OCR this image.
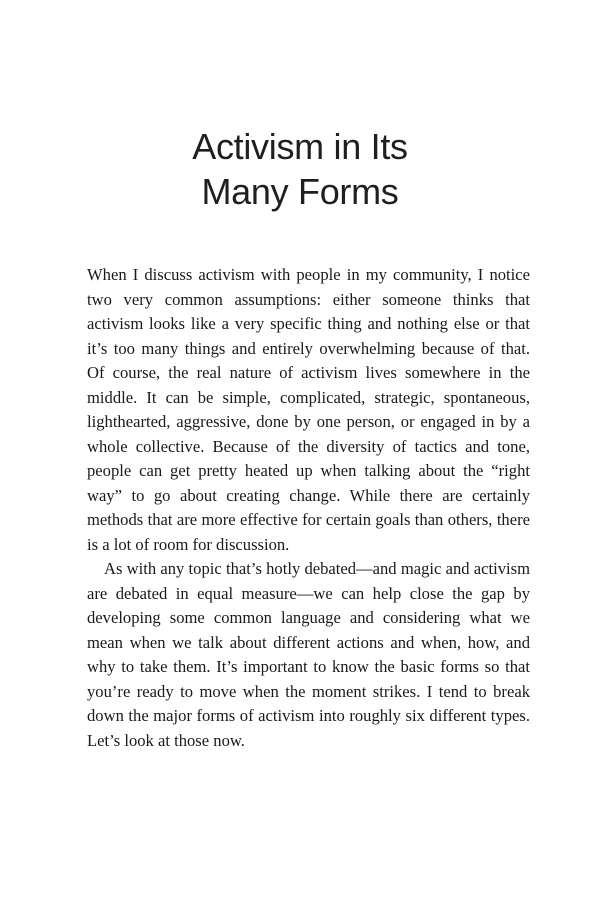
Activism in Its
Many Forms

When I discuss activism with people in my community, I notice two very common assumptions: either someone thinks that activism looks like a very specific thing and nothing else or that it’s too many things and entirely overwhelming because of that. Of course, the real nature of activism lives somewhere in the middle. It can be simple, complicated, strategic, spontaneous, lighthearted, aggressive, done by one person, or engaged in by a whole collective. Because of the diversity of tactics and tone, people can get pretty heated up when talking about the “right way” to go about creating change. While there are certainly methods that are more effective for certain goals than others, there is a lot of room for discussion.

As with any topic that’s hotly debated—and magic and activism are debated in equal measure—we can help close the gap by developing some common language and considering what we mean when we talk about different actions and when, how, and why to take them. It’s important to know the basic forms so that you’re ready to move when the moment strikes. I tend to break down the major forms of activism into roughly six different types. Let’s look at those now.
